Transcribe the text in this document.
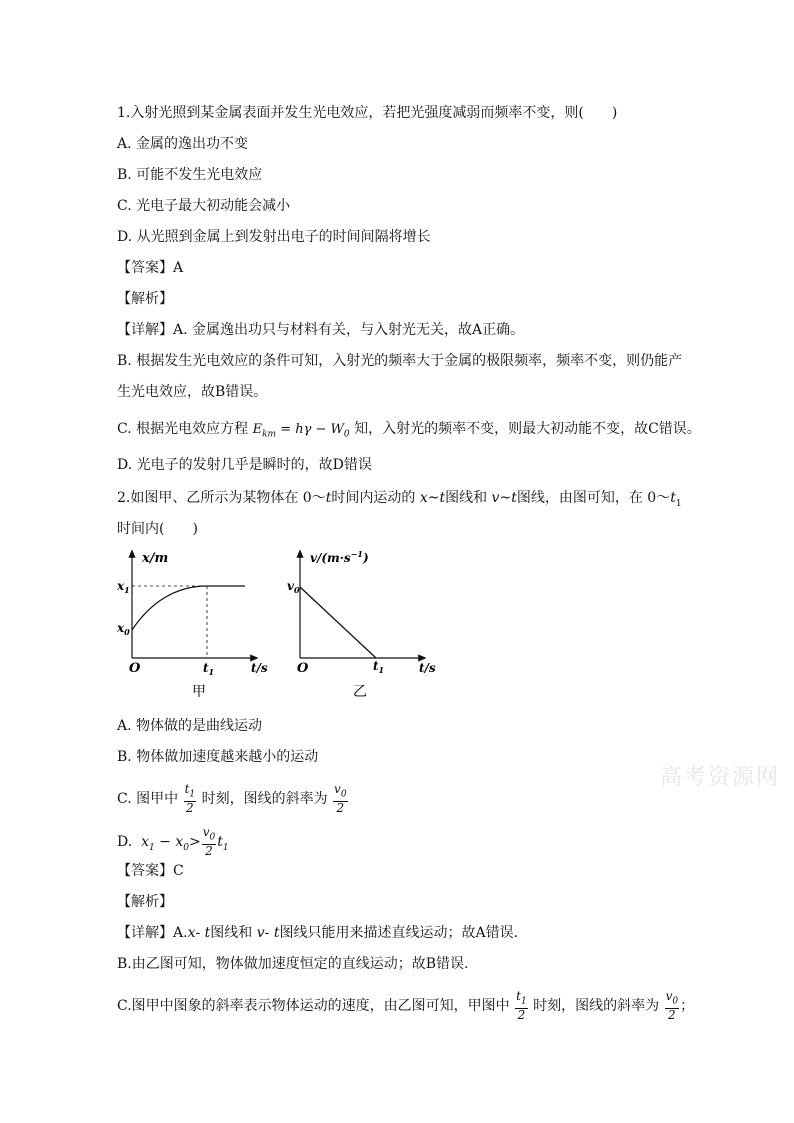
1.入射光照到某金属表面并发生光电效应，若把光强度减弱而频率不变，则(　　)
A. 金属的逸出功不变
B. 可能不发生光电效应
C. 光电子最大初动能会减小
D. 从光照到金属上到发射出电子的时间间隔将增长
【答案】A
【解析】
【详解】A. 金属逸出功只与材料有关，与入射光无关，故A正确。
B. 根据发生光电效应的条件可知，入射光的频率大于金属的极限频率，频率不变，则仍能产
生光电效应，故B错误。
C. 根据光电效应方程 $E_{km} = h\gamma - W_0$ 知，入射光的频率不变，则最大初动能不变，故C错误。
D. 光电子的发射几乎是瞬时的，故D错误
2.如图甲、乙所示为某物体在 0～t时间内运动的 x~t图线和 v~t图线，由图可知，在 $0\sim t_1$
时间内(　　)
x/m
$x_1$
$x_0$
O	$t_1$	t/s
甲
$v/(m\cdot s^{-1})$
$v_0$
O	$t_1$	t/s
乙
A. 物体做的是曲线运动
B. 物体做加速度越来越小的运动
C. 图甲中 $\frac{t_1}{2}$ 时刻，图线的斜率为 $\frac{v_0}{2}$
D.  $x_1 - x_0> \frac{v_0}{2} t_1$
【答案】C
【解析】
【详解】A.x- t图线和 v- t图线只能用来描述直线运动；故A错误.
B.由乙图可知，物体做加速度恒定的直线运动；故B错误.
C.图甲中图象的斜率表示物体运动的速度，由乙图可知，甲图中 $\frac{t_1}{2}$ 时刻，图线的斜率为 $\frac{v_0}{2}$ ；
高考资源网
